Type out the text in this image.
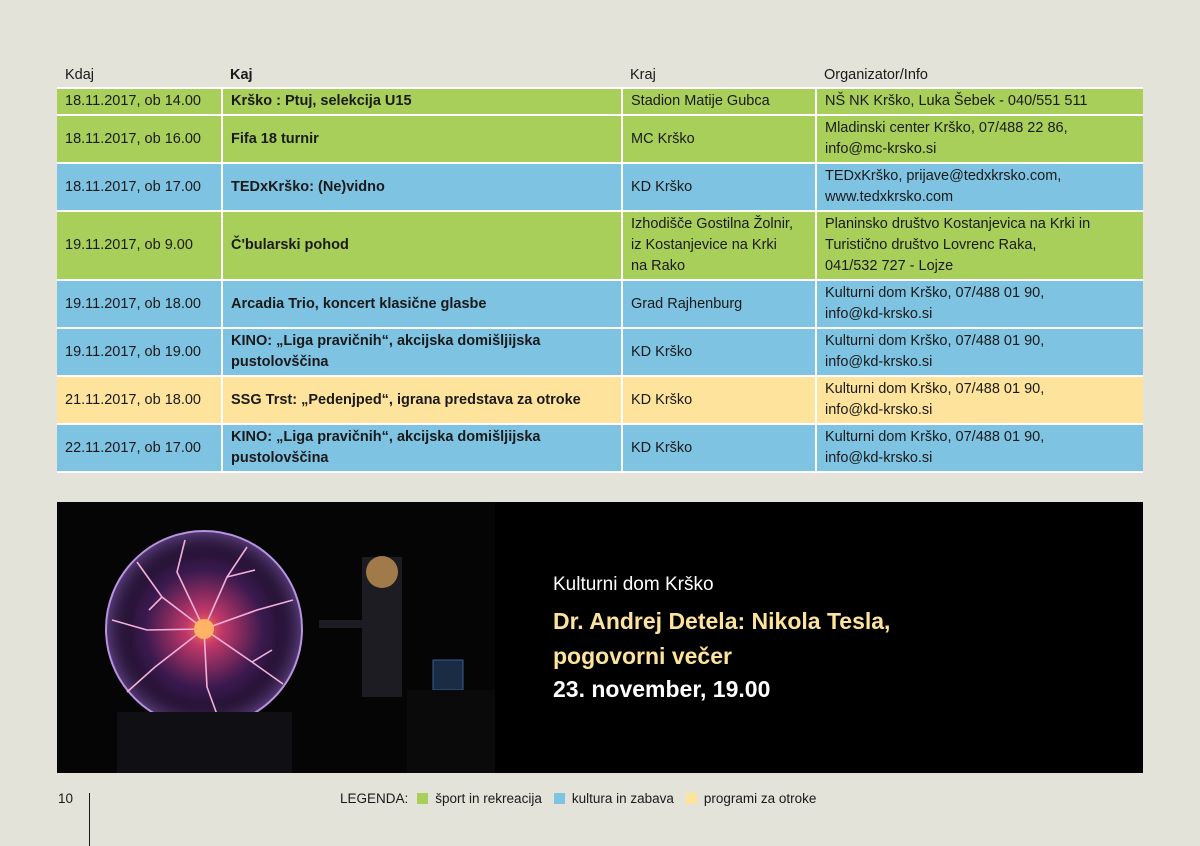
Kdaj	Kaj	Kraj	Organizator/Info
18.11.2017, ob 14.00	Krško : Ptuj, selekcija U15	Stadion Matije Gubca	NŠ NK Krško, Luka Šebek - 040/551 511
18.11.2017, ob 16.00	Fifa 18 turnir	MC Krško	Mladinski center Krško, 07/488 22 86,
info@mc-krsko.si
18.11.2017, ob 17.00	TEDxKrško: (Ne)vidno	KD Krško	TEDxKrško, prijave@tedxkrsko.com,
www.tedxkrsko.com
19.11.2017, ob 9.00	Č'bularski pohod	Izhodišče Gostilna Žolnir,
iz Kostanjevice na Krki
na Rako	Planinsko društvo Kostanjevica na Krki in
Turistično društvo Lovrenc Raka,
041/532 727 - Lojze
19.11.2017, ob 18.00	Arcadia Trio, koncert klasične glasbe	Grad Rajhenburg	Kulturni dom Krško, 07/488 01 90,
info@kd-krsko.si
19.11.2017, ob 19.00	KINO: „Liga pravičnih“, akcijska domišljijska
pustolovščina	KD Krško	Kulturni dom Krško, 07/488 01 90,
info@kd-krsko.si
21.11.2017, ob 18.00	SSG Trst: „Pedenjped“, igrana predstava za otroke	KD Krško	Kulturni dom Krško, 07/488 01 90,
info@kd-krsko.si
22.11.2017, ob 17.00	KINO: „Liga pravičnih“, akcijska domišljijska
pustolovščina	KD Krško	Kulturni dom Krško, 07/488 01 90,
info@kd-krsko.si
Kulturni dom Krško
Dr. Andrej Detela: Nikola Tesla,
pogovorni večer
23. november, 19.00
10	LEGENDA: šport in rekreacija kultura in zabava programi za otroke
